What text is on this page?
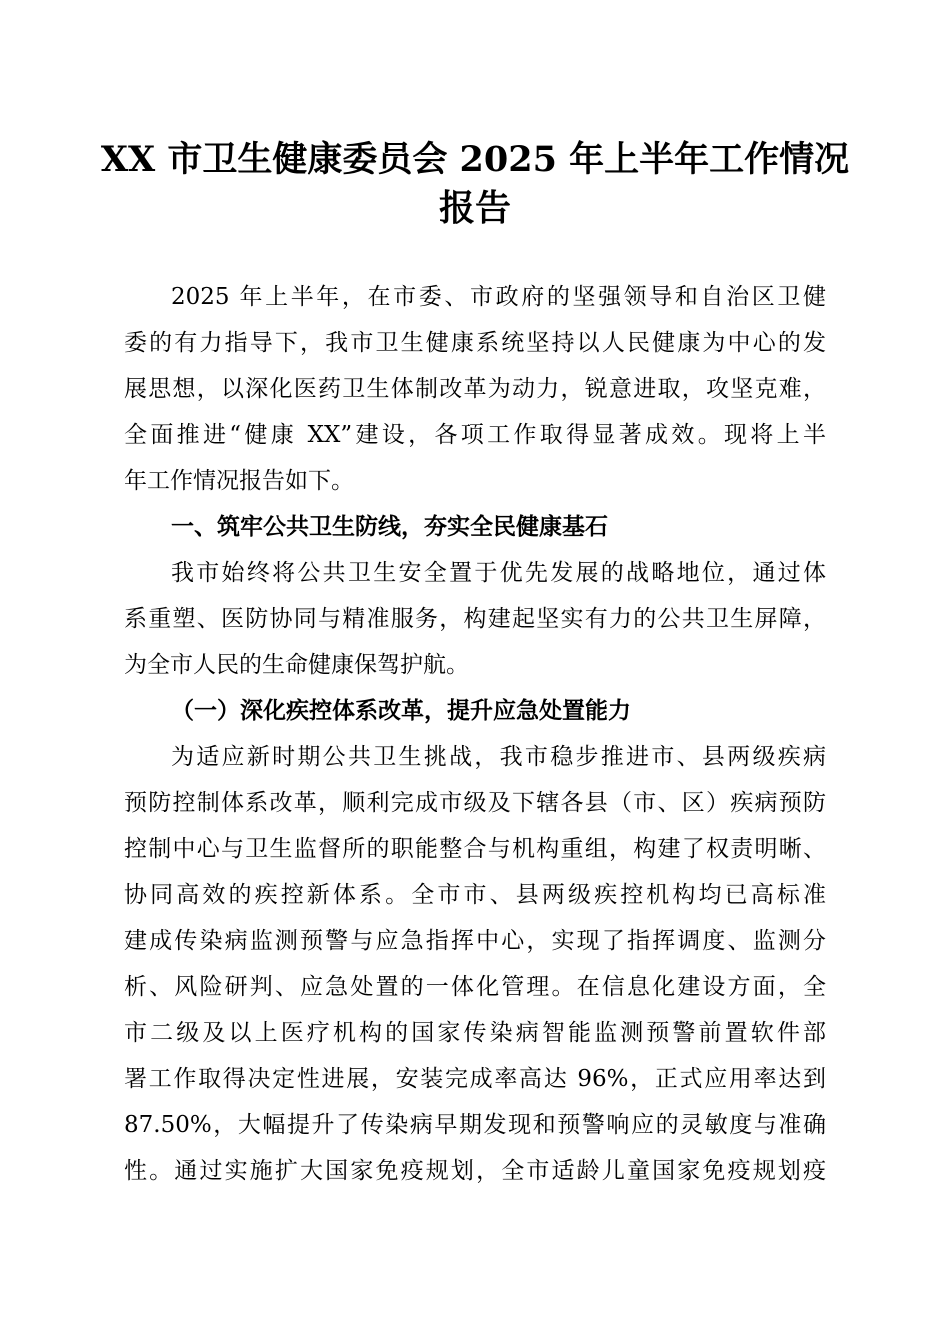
XX 市卫生健康委员会 2025 年上半年工作情况
报告
2025 年上半年，在市委、市政府的坚强领导和自治区卫健
委的有力指导下，我市卫生健康系统坚持以人民健康为中心的发
展思想，以深化医药卫生体制改革为动力，锐意进取，攻坚克难，
全面推进“健康 XX”建设，各项工作取得显著成效。现将上半
年工作情况报告如下。
一、筑牢公共卫生防线，夯实全民健康基石
我市始终将公共卫生安全置于优先发展的战略地位，通过体
系重塑、医防协同与精准服务，构建起坚实有力的公共卫生屏障，
为全市人民的生命健康保驾护航。
（一）深化疾控体系改革，提升应急处置能力
为适应新时期公共卫生挑战，我市稳步推进市、县两级疾病
预防控制体系改革，顺利完成市级及下辖各县（市、区）疾病预防
控制中心与卫生监督所的职能整合与机构重组，构建了权责明晰、
协同高效的疾控新体系。全市市、县两级疾控机构均已高标准
建成传染病监测预警与应急指挥中心，实现了指挥调度、监测分
析、风险研判、应急处置的一体化管理。在信息化建设方面，全
市二级及以上医疗机构的国家传染病智能监测预警前置软件部
署工作取得决定性进展，安装完成率高达 96%，正式应用率达到
87.50%，大幅提升了传染病早期发现和预警响应的灵敏度与准确
性。通过实施扩大国家免疫规划，全市适龄儿童国家免疫规划疫
